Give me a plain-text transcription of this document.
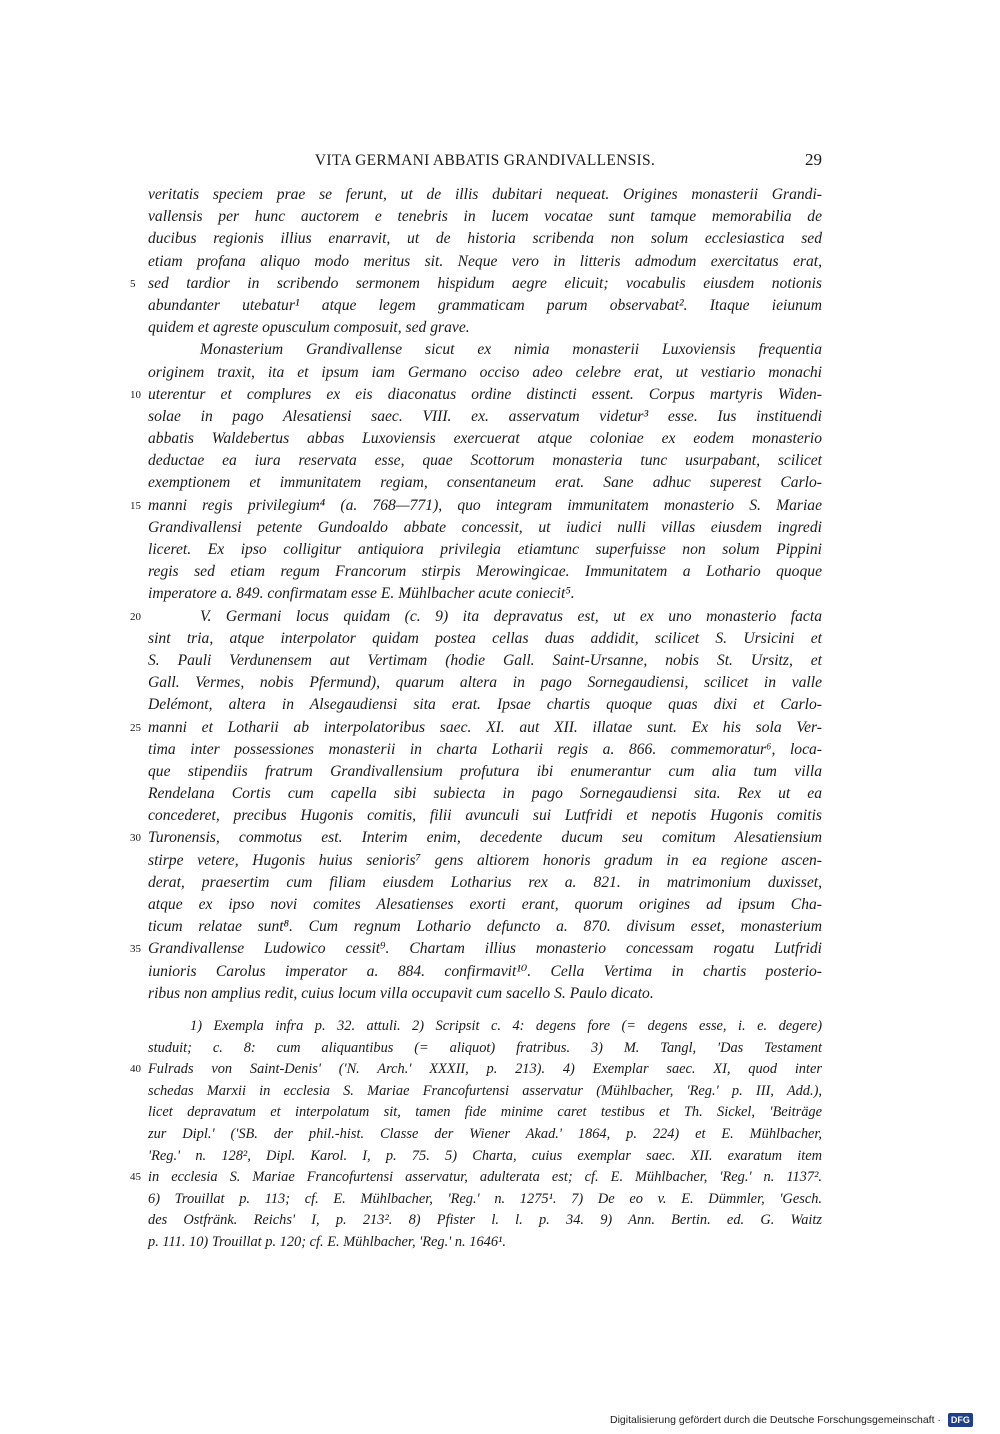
VITA GERMANI ABBATIS GRANDIVALLENSIS.	29
veritatis speciem prae se ferunt, ut de illis dubitari nequeat. Origines monasterii Grandi-
vallensis per hunc auctorem e tenebris in lucem vocatae sunt tamque memorabilia de
ducibus regionis illius enarravit, ut de historia scribenda non solum ecclesiastica sed
etiam profana aliquo modo meritus sit. Neque vero in litteris admodum exercitatus erat,
5 sed tardior in scribendo sermonem hispidum aegre elicuit; vocabulis eiusdem notionis
abundanter utebatur¹ atque legem grammaticam parum observabat². Itaque ieiunum
quidem et agreste opusculum composuit, sed grave.
Monasterium Grandivallense sicut ex nimia monasterii Luxoviensis frequentia
originem traxit, ita et ipsum iam Germano occiso adeo celebre erat, ut vestiario monachi
10 uterentur et complures ex eis diaconatus ordine distincti essent. Corpus martyris Widen-
solae in pago Alesatiensi saec. VIII. ex. asservatum videtur³ esse. Ius instituendi
abbatis Waldebertus abbas Luxoviensis exercuerat atque coloniae ex eodem monasterio
deductae ea iura reservata esse, quae Scottorum monasteria tunc usurpabant, scilicet
exemptionem et immunitatem regiam, consentaneum erat. Sane adhuc superest Carlo-
15 manni regis privilegium⁴ (a. 768—771), quo integram immunitatem monasterio S. Mariae
Grandivallensi petente Gundoaldo abbate concessit, ut iudici nulli villas eiusdem ingredi
liceret. Ex ipso colligitur antiquiora privilegia etiamtunc superfuisse non solum Pippini
regis sed etiam regum Francorum stirpis Merowingicae. Immunitatem a Lothario quoque
imperatore a. 849. confirmatam esse E. Mühlbacher acute coniecit⁵.
20	V. Germani locus quidam (c. 9) ita depravatus est, ut ex uno monasterio facta
sint tria, atque interpolator quidam postea cellas duas addidit, scilicet S. Ursicini et
S. Pauli Verdunensem aut Vertimam (hodie Gall. Saint-Ursanne, nobis St. Ursitz, et
Gall. Vermes, nobis Pfermund), quarum altera in pago Sornegaudiensi, scilicet in valle
Delémont, altera in Alsegaudiensi sita erat. Ipsae chartis quoque quas dixi et Carlo-
25 manni et Lotharii ab interpolatoribus saec. XI. aut XII. illatae sunt. Ex his sola Ver-
tima inter possessiones monasterii in charta Lotharii regis a. 866. commemoratur⁶, loca-
que stipendiis fratrum Grandivallensium profutura ibi enumerantur cum alia tum villa
Rendelana Cortis cum capella sibi subiecta in pago Sornegaudiensi sita. Rex ut ea
concederet, precibus Hugonis comitis, filii avunculi sui Lutfridi et nepotis Hugonis comitis
30 Turonensis, commotus est. Interim enim, decedente ducum seu comitum Alesatiensium
stirpe vetere, Hugonis huius senioris⁷ gens altiorem honoris gradum in ea regione ascen-
derat, praesertim cum filiam eiusdem Lotharius rex a. 821. in matrimonium duxisset,
atque ex ipso novi comites Alesatienses exorti erant, quorum origines ad ipsum Cha-
ticum relatae sunt⁸. Cum regnum Lothario defuncto a. 870. divisum esset, monasterium
35 Grandivallense Ludowico cessit⁹. Chartam illius monasterio concessam rogatu Lutfridi
iunioris Carolus imperator a. 884. confirmavit¹⁰. Cella Vertima in chartis posterio-
ribus non amplius redit, cuius locum villa occupavit cum sacello S. Paulo dicato.
1) Exempla infra p. 32. attuli. 2) Scripsit c. 4: degens fore (= degens esse, i. e. degere)
studuit; c. 8: cum aliquantibus (= aliquot) fratribus. 3) M. Tangl, 'Das Testament
40 Fulrads von Saint-Denis' ('N. Arch.' XXXII, p. 213). 4) Exemplar saec. XI, quod inter
schedas Marxii in ecclesia S. Mariae Francofurtensi asservatur (Mühlbacher, 'Reg.' p. III, Add.),
licet depravatum et interpolatum sit, tamen fide minime caret testibus et Th. Sickel, 'Beiträge
zur Dipl.' ('SB. der phil.-hist. Classe der Wiener Akad.' 1864, p. 224) et E. Mühlbacher,
'Reg.' n. 128², Dipl. Karol. I, p. 75. 5) Charta, cuius exemplar saec. XII. exaratum item
45 in ecclesia S. Mariae Francofurtensi asservatur, adulterata est; cf. E. Mühlbacher, 'Reg.' n. 1137².
6) Trouillat p. 113; cf. E. Mühlbacher, 'Reg.' n. 1275¹. 7) De eo v. E. Dümmler, 'Gesch.
des Ostfränk. Reichs' I, p. 213². 8) Pfister l. l. p. 34. 9) Ann. Bertin. ed. G. Waitz
p. 111. 10) Trouillat p. 120; cf. E. Mühlbacher, 'Reg.' n. 1646¹.
Digitalisierung gefördert durch die Deutsche Forschungsgemeinschaft · DFG
